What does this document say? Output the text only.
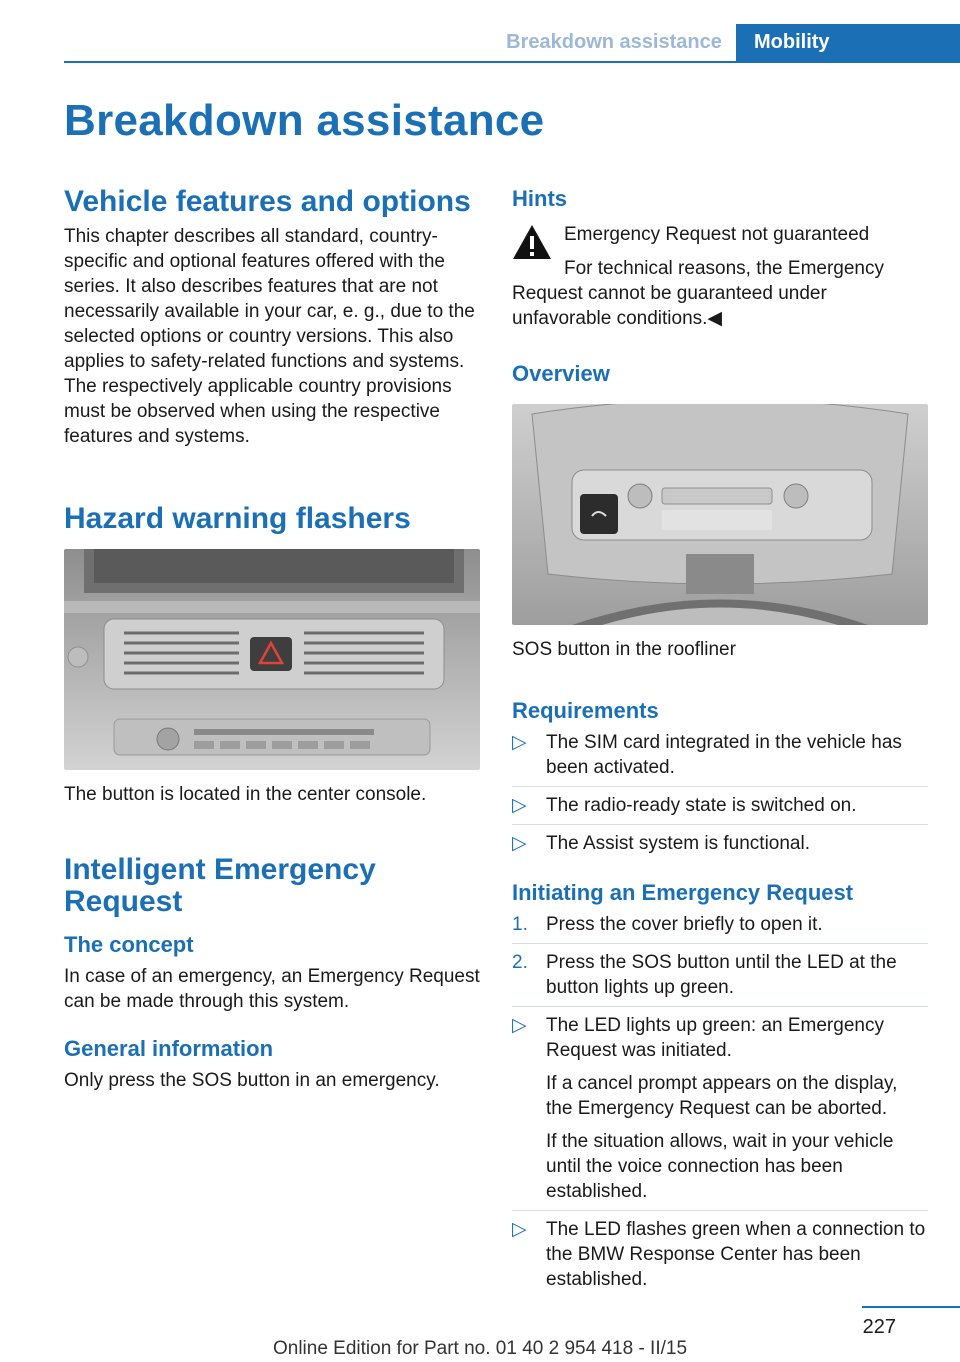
Breakdown assistance	Mobility
Breakdown assistance
Vehicle features and options

This chapter describes all standard, country-specific and optional features offered with the series. It also describes features that are not necessarily available in your car, e. g., due to the selected options or country versions. This also applies to safety-related functions and systems. The respectively applicable country provisions must be observed when using the respective features and systems.

Hazard warning flashers

The button is located in the center console.

Intelligent Emergency Request
The concept

In case of an emergency, an Emergency Request can be made through this system.

General information

Only press the SOS button in an emergency.

Hints

Emergency Request not guaranteed

For technical reasons, the Emergency Request cannot be guaranteed under unfavorable conditions.◀

Overview

SOS button in the roofliner

Requirements
▷ The SIM card integrated in the vehicle has been activated.
▷ The radio-ready state is switched on.
▷ The Assist system is functional.
Initiating an Emergency Request
1. Press the cover briefly to open it.
2. Press the SOS button until the LED at the button lights up green.
▷ The LED lights up green: an Emergency Request was initiated.
If a cancel prompt appears on the display, the Emergency Request can be aborted.
If the situation allows, wait in your vehicle until the voice connection has been established.
▷ The LED flashes green when a connection to the BMW Response Center has been established.
227
Online Edition for Part no. 01 40 2 954 418 - II/15
